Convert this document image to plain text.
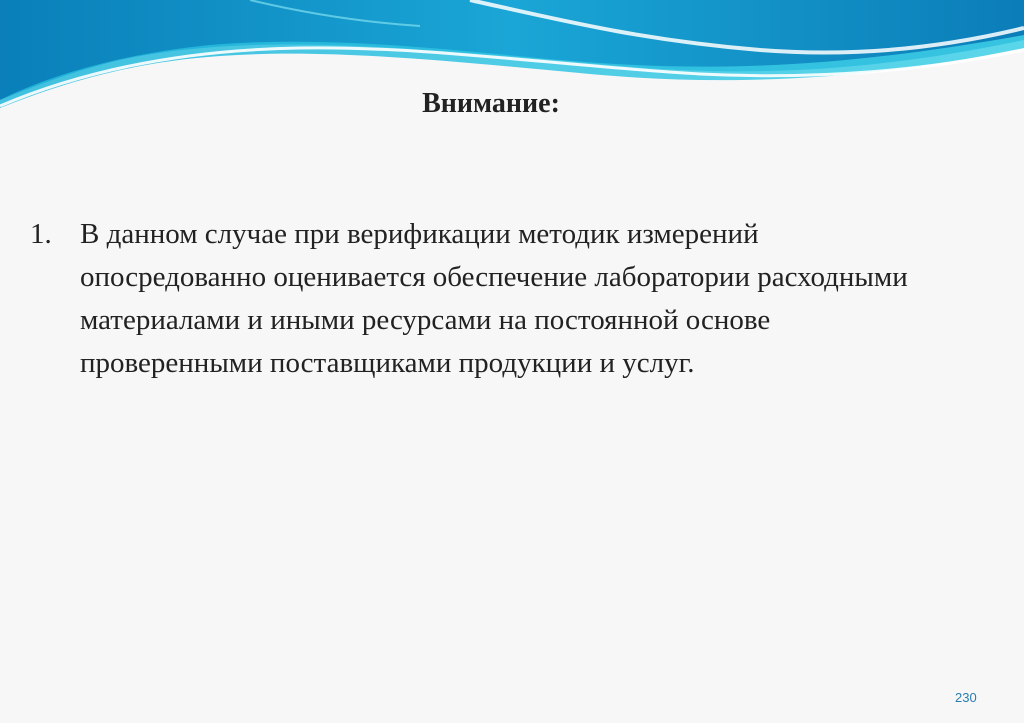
Внимание:
1. В данном случае при верификации методик измерений опосредованно оценивается обеспечение лаборатории расходными материалами и иными ресурсами на постоянной основе проверенными поставщиками продукции и услуг.
230
